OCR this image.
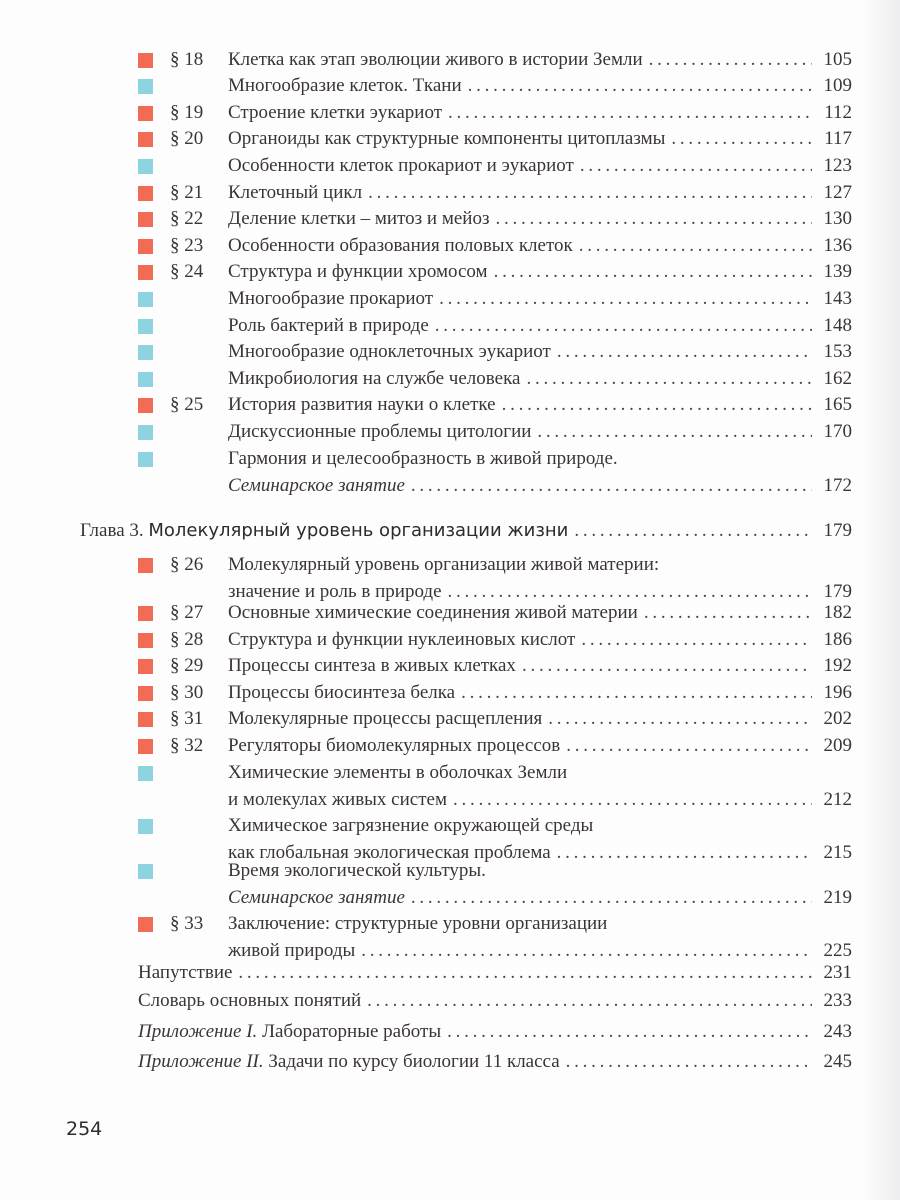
§ 18	Клетка как этап эволюции живого в истории Земли . . .	105
Многообразие клеток. Ткани . . .	109
§ 19	Строение клетки эукариот . . .	112
§ 20	Органоиды как структурные компоненты цитоплазмы . . .	117
Особенности клеток прокариот и эукариот . . .	123
§ 21	Клеточный цикл . . .	127
§ 22	Деление клетки – митоз и мейоз . . .	130
§ 23	Особенности образования половых клеток . . .	136
§ 24	Структура и функции хромосом . . .	139
Многообразие прокариот . . .	143
Роль бактерий в природе . . .	148
Многообразие одноклеточных эукариот . . .	153
Микробиология на службе человека . . .	162
§ 25	История развития науки о клетке . . .	165
Дискуссионные проблемы цитологии . . .	170
Гармония и целесообразность в живой природе.
Семинарское занятие . . .	172
Глава 3. Молекулярный уровень организации жизни . . .	179
§ 26	Молекулярный уровень организации живой материи:
значение и роль в природе . . .	179
§ 27	Основные химические соединения живой материи . . .	182
§ 28	Структура и функции нуклеиновых кислот . . .	186
§ 29	Процессы синтеза в живых клетках . . .	192
§ 30	Процессы биосинтеза белка . . .	196
§ 31	Молекулярные процессы расщепления . . .	202
§ 32	Регуляторы биомолекулярных процессов . . .	209
Химические элементы в оболочках Земли
и молекулах живых систем . . .	212
Химическое загрязнение окружающей среды
как глобальная экологическая проблема . . .	215
Время экологической культуры.
Семинарское занятие . . .	219
§ 33	Заключение: структурные уровни организации
живой природы . . .	225
Напутствие . . .	231
Словарь основных понятий . . .	233
Приложение I. Лабораторные работы . . .	243
Приложение II. Задачи по курсу биологии 11 класса . . .	245
254
